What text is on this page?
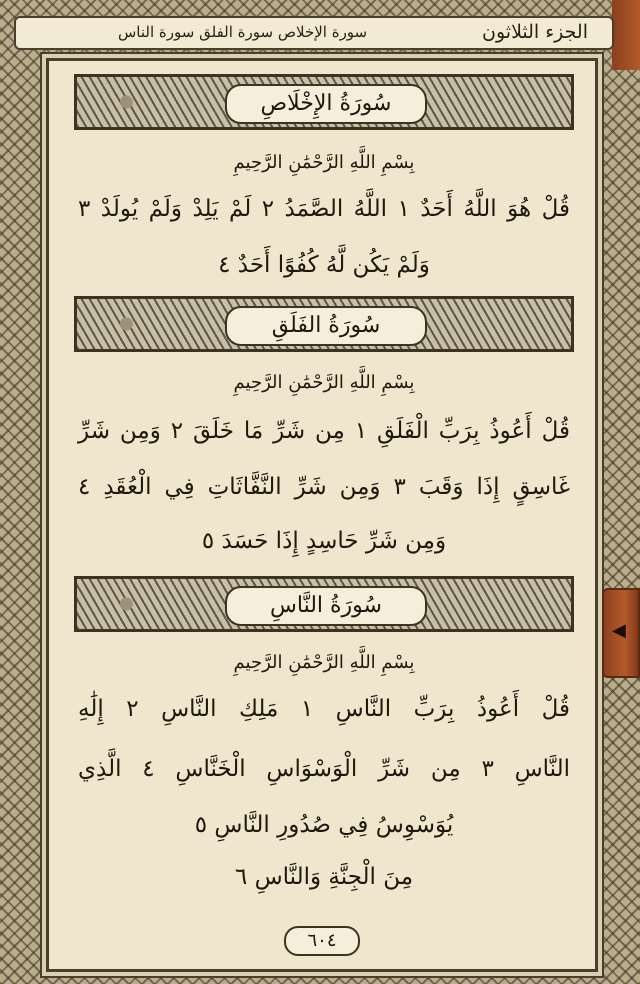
الجزء الثلاثون
سورة الإخلاص سورة الفلق سورة الناس
سُورَةُ الإِخْلَاصِ
بِسْمِ اللَّهِ الرَّحْمَٰنِ الرَّحِيمِ
قُلْ هُوَ اللَّهُ أَحَدٌ ١ اللَّهُ الصَّمَدُ ٢ لَمْ يَلِدْ وَلَمْ يُولَدْ ٣
وَلَمْ يَكُن لَّهُ كُفُوًا أَحَدٌ ٤
سُورَةُ الفَلَقِ
بِسْمِ اللَّهِ الرَّحْمَٰنِ الرَّحِيمِ
قُلْ أَعُوذُ بِرَبِّ الْفَلَقِ ١ مِن شَرِّ مَا خَلَقَ ٢ وَمِن شَرِّ
غَاسِقٍ إِذَا وَقَبَ ٣ وَمِن شَرِّ النَّفَّاثَاتِ فِي الْعُقَدِ ٤
وَمِن شَرِّ حَاسِدٍ إِذَا حَسَدَ ٥
سُورَةُ النَّاسِ
بِسْمِ اللَّهِ الرَّحْمَٰنِ الرَّحِيمِ
قُلْ أَعُوذُ بِرَبِّ النَّاسِ ١ مَلِكِ النَّاسِ ٢ إِلَٰهِ
النَّاسِ ٣ مِن شَرِّ الْوَسْوَاسِ الْخَنَّاسِ ٤ الَّذِي
يُوَسْوِسُ فِي صُدُورِ النَّاسِ ٥
مِنَ الْجِنَّةِ وَالنَّاسِ ٦
٦٠٤
◀
